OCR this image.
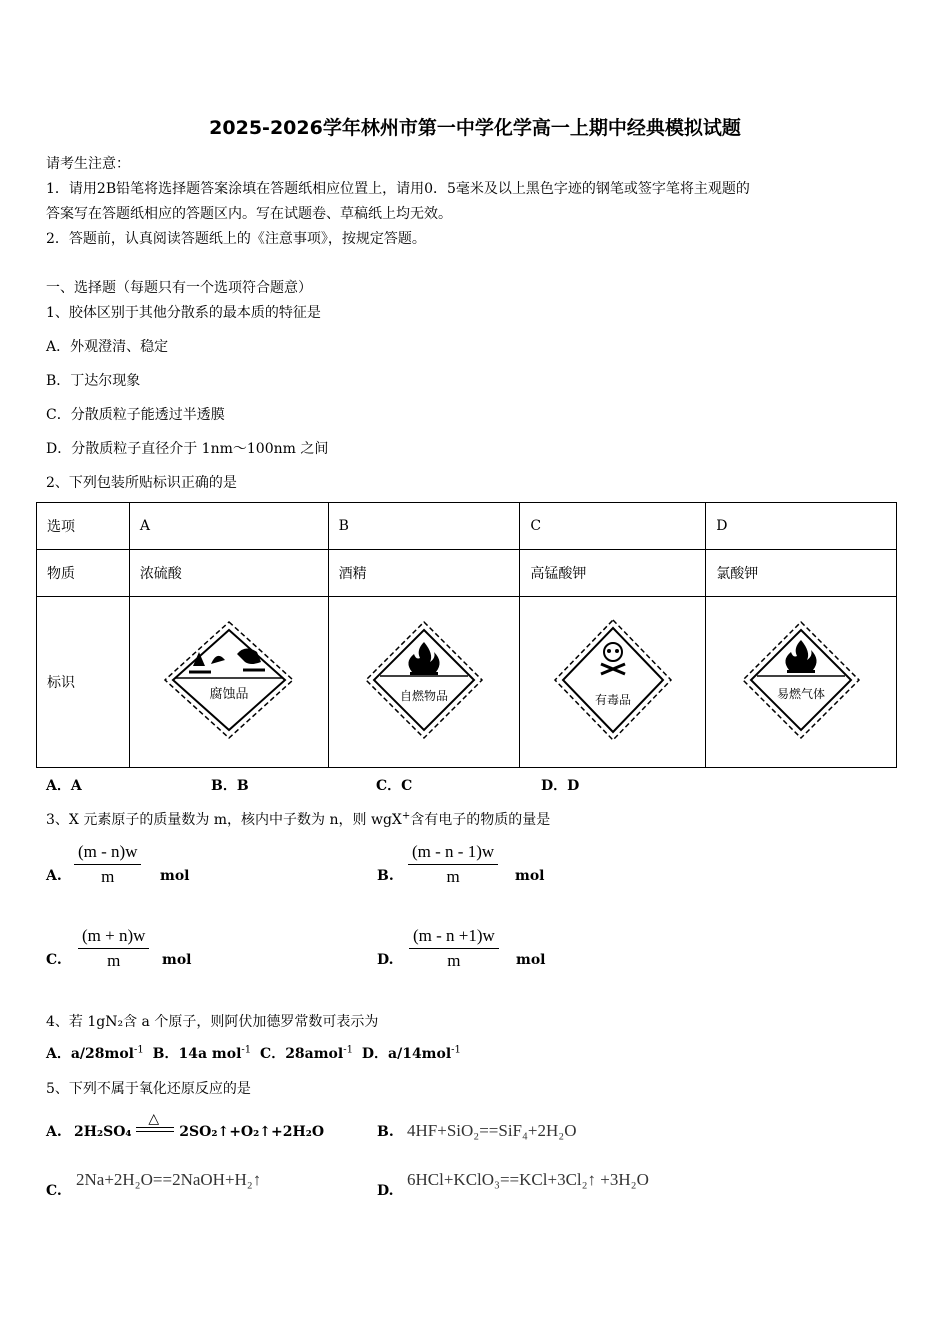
2025-2026学年林州市第一中学化学高一上期中经典模拟试题
请考生注意：
1．请用2B铅笔将选择题答案涂填在答题纸相应位置上，请用0．5毫米及以上黑色字迹的钢笔或签字笔将主观题的
答案写在答题纸相应的答题区内。写在试题卷、草稿纸上均无效。
2．答题前，认真阅读答题纸上的《注意事项》，按规定答题。
一、选择题（每题只有一个选项符合题意）
1、胶体区别于其他分散系的最本质的特征是
A．外观澄清、稳定
B．丁达尔现象
C．分散质粒子能透过半透膜
D．分散质粒子直径介于 1nm～100nm 之间
2、下列包装所贴标识正确的是
选项	A	B	C	D
物质	浓硫酸	酒精	高锰酸钾	氯酸钾
标识	腐蚀品	自燃物品	有毒品	易燃气体
A．A	B．B	C．C	D．D
3、X 元素原子的质量数为 m，核内中子数为 n，则 wgX+含有电子的物质的量是
A. $\frac{(m - n)w}{m}$ mol	B. $\frac{(m - n - 1)w}{m}$ mol
C. $\frac{(m + n)w}{m}$ mol	D. $\frac{(m - n +1)w}{m}$ mol
4、若 1gN₂含 a 个原子，则阿伏加德罗常数可表示为
A．a/28mol$^{-1}$ B．14a mol$^{-1}$ C．28amol$^{-1}$ D．a/14mol$^{-1}$
5、下列不属于氧化还原反应的是
A. 2H₂SO₄
△
2SO₂↑+O₂↑+2H₂O	B. 4HF+SiO₂==SiF₄+2H₂O
C.
2Na+2H₂O==2NaOH+H₂↑
D.
6HCl+KClO₃==KCl+3Cl₂↑ +3H₂O
